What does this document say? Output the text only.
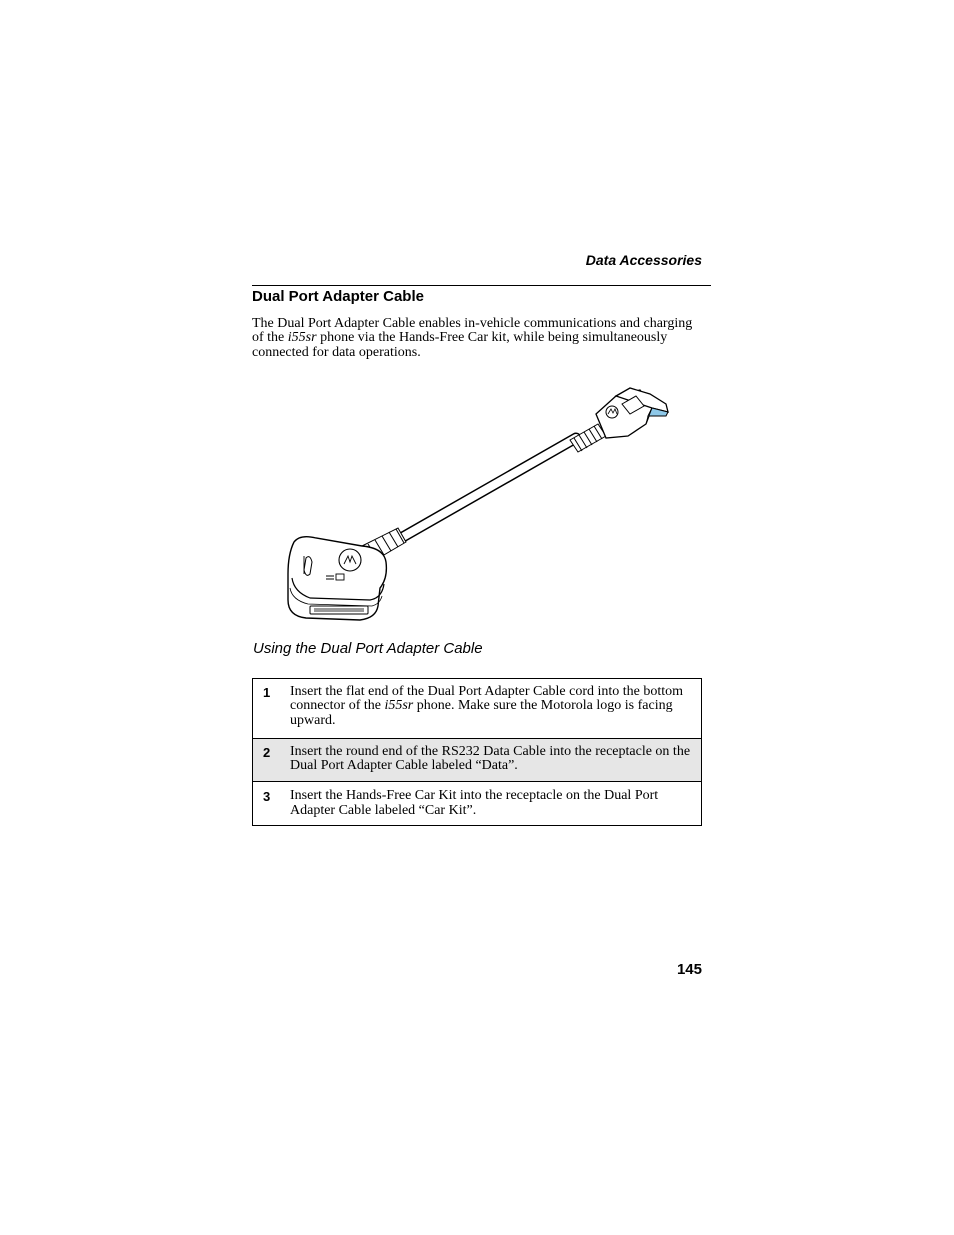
Data Accessories
Dual Port Adapter Cable

The Dual Port Adapter Cable enables in-vehicle communications and charging of the i55sr phone via the Hands-Free Car kit, while being simultaneously connected for data operations.

Using the Dual Port Adapter Cable
1	Insert the flat end of the Dual Port Adapter Cable cord into the bottom connector of the i55sr phone. Make sure the Motorola logo is facing upward.
2	Insert the round end of the RS232 Data Cable into the receptacle on the Dual Port Adapter Cable labeled “Data”.
3	Insert the Hands-Free Car Kit into the receptacle on the Dual Port Adapter Cable labeled “Car Kit”.
145
